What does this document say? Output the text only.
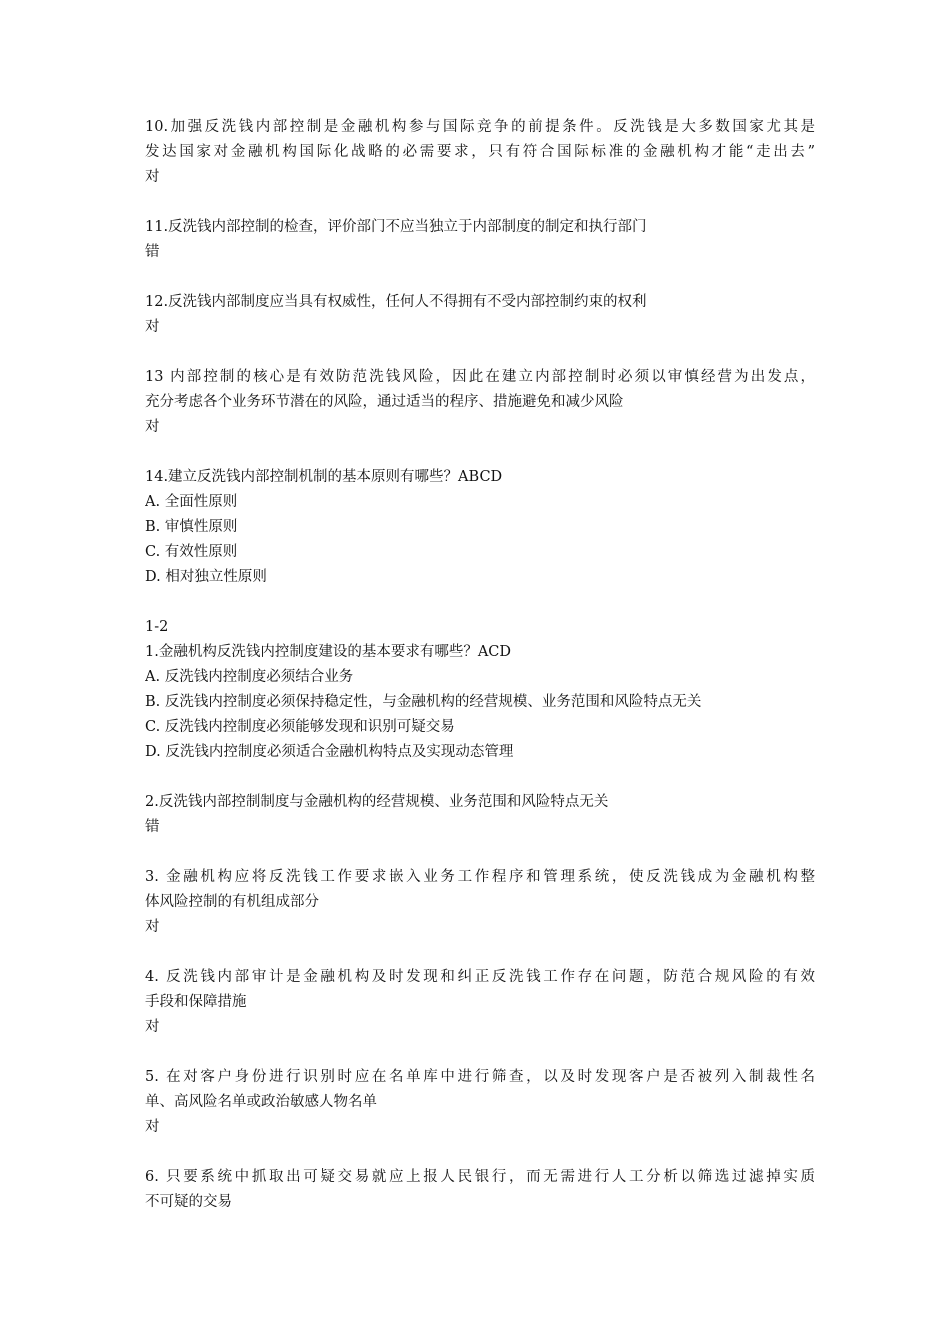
10.加强反洗钱内部控制是金融机构参与国际竞争的前提条件。反洗钱是大多数国家尤其是
发达国家对金融机构国际化战略的必需要求，只有符合国际标准的金融机构才能“走出去”
对
11.反洗钱内部控制的检查，评价部门不应当独立于内部制度的制定和执行部门
错
12.反洗钱内部制度应当具有权威性，任何人不得拥有不受内部控制约束的权利
对
13 内部控制的核心是有效防范洗钱风险，因此在建立内部控制时必须以审慎经营为出发点，
充分考虑各个业务环节潜在的风险，通过适当的程序、措施避免和减少风险
对
14.建立反洗钱内部控制机制的基本原则有哪些？ABCD
A. 全面性原则
B. 审慎性原则
C. 有效性原则
D. 相对独立性原则
1-2
1.金融机构反洗钱内控制度建设的基本要求有哪些？ACD
A. 反洗钱内控制度必须结合业务
B. 反洗钱内控制度必须保持稳定性，与金融机构的经营规模、业务范围和风险特点无关
C. 反洗钱内控制度必须能够发现和识别可疑交易
D. 反洗钱内控制度必须适合金融机构特点及实现动态管理
2.反洗钱内部控制制度与金融机构的经营规模、业务范围和风险特点无关
错
3. 金融机构应将反洗钱工作要求嵌入业务工作程序和管理系统，使反洗钱成为金融机构整
体风险控制的有机组成部分
对
4. 反洗钱内部审计是金融机构及时发现和纠正反洗钱工作存在问题，防范合规风险的有效
手段和保障措施
对
5. 在对客户身份进行识别时应在名单库中进行筛查，以及时发现客户是否被列入制裁性名
单、高风险名单或政治敏感人物名单
对
6. 只要系统中抓取出可疑交易就应上报人民银行，而无需进行人工分析以筛选过滤掉实质
不可疑的交易
